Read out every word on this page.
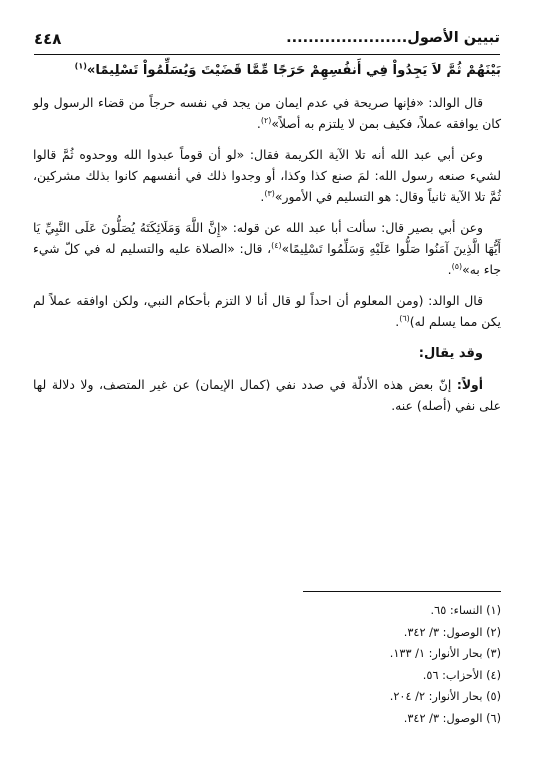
تبيين الأصول......................
٤٤٨

بَيْنَهُمْ ثُمَّ لاَ يَجِدُواْ فِي أَنفُسِهِمْ حَرَجًا مِّمَّا قَضَيْتَ وَيُسَلِّمُواْ تَسْلِيمًا»$^{(١)}$

قال الوالد: «فإنها صريحة في عدم ايمان من يجد في نفسه حرجاً من قضاء الرسول ولو كان يوافقه عملاً، فكيف بمن لا يلتزم به أصلاً»$^{(٢)}$.

وعن أبي عبد الله أنه تلا الآية الكريمة فقال: «لو أن قوماً عبدوا الله ووحدوه ثُمَّ قالوا لشيء صنعه رسول الله: لمَ صنع كذا وكذا، أو وجدوا ذلك في أنفسهم كانوا بذلك مشركين، ثُمَّ تلا الآية ثانياً وقال: هو التسليم في الأمور»$^{(٣)}$.

وعن أبي بصير قال: سألت أبا عبد الله عن قوله: «إِنَّ اللَّهَ وَمَلَائِكَتَهُ يُصَلُّونَ عَلَى النَّبِيِّ يَا أَيُّهَا الَّذِينَ آمَنُوا صَلُّوا عَلَيْهِ وَسَلِّمُوا تَسْلِيمًا»$^{(٤)}$، قال: «الصلاة عليه والتسليم له في كلّ شيء جاء به»$^{(٥)}$.

قال الوالد: (ومن المعلوم أن احداً لو قال أنا لا التزم بأحكام النبي، ولكن اوافقه عملاً لم يكن مما يسلم له)$^{(٦)}$.

وقد يقال:

أولاً: إنّ بعض هذه الأدلّة في صدد نفي (كمال الإيمان) عن غير المتصف، ولا دلالة لها على نفي (أصله) عنه.

(١) النساء: ٦٥.

(٢) الوصول: ٣/ ٣٤٢.

(٣) بحار الأنوار: ١/ ١٣٣.

(٤) الأحزاب: ٥٦.

(٥) بحار الأنوار: ٢/ ٢٠٤.

(٦) الوصول: ٣/ ٣٤٢.
